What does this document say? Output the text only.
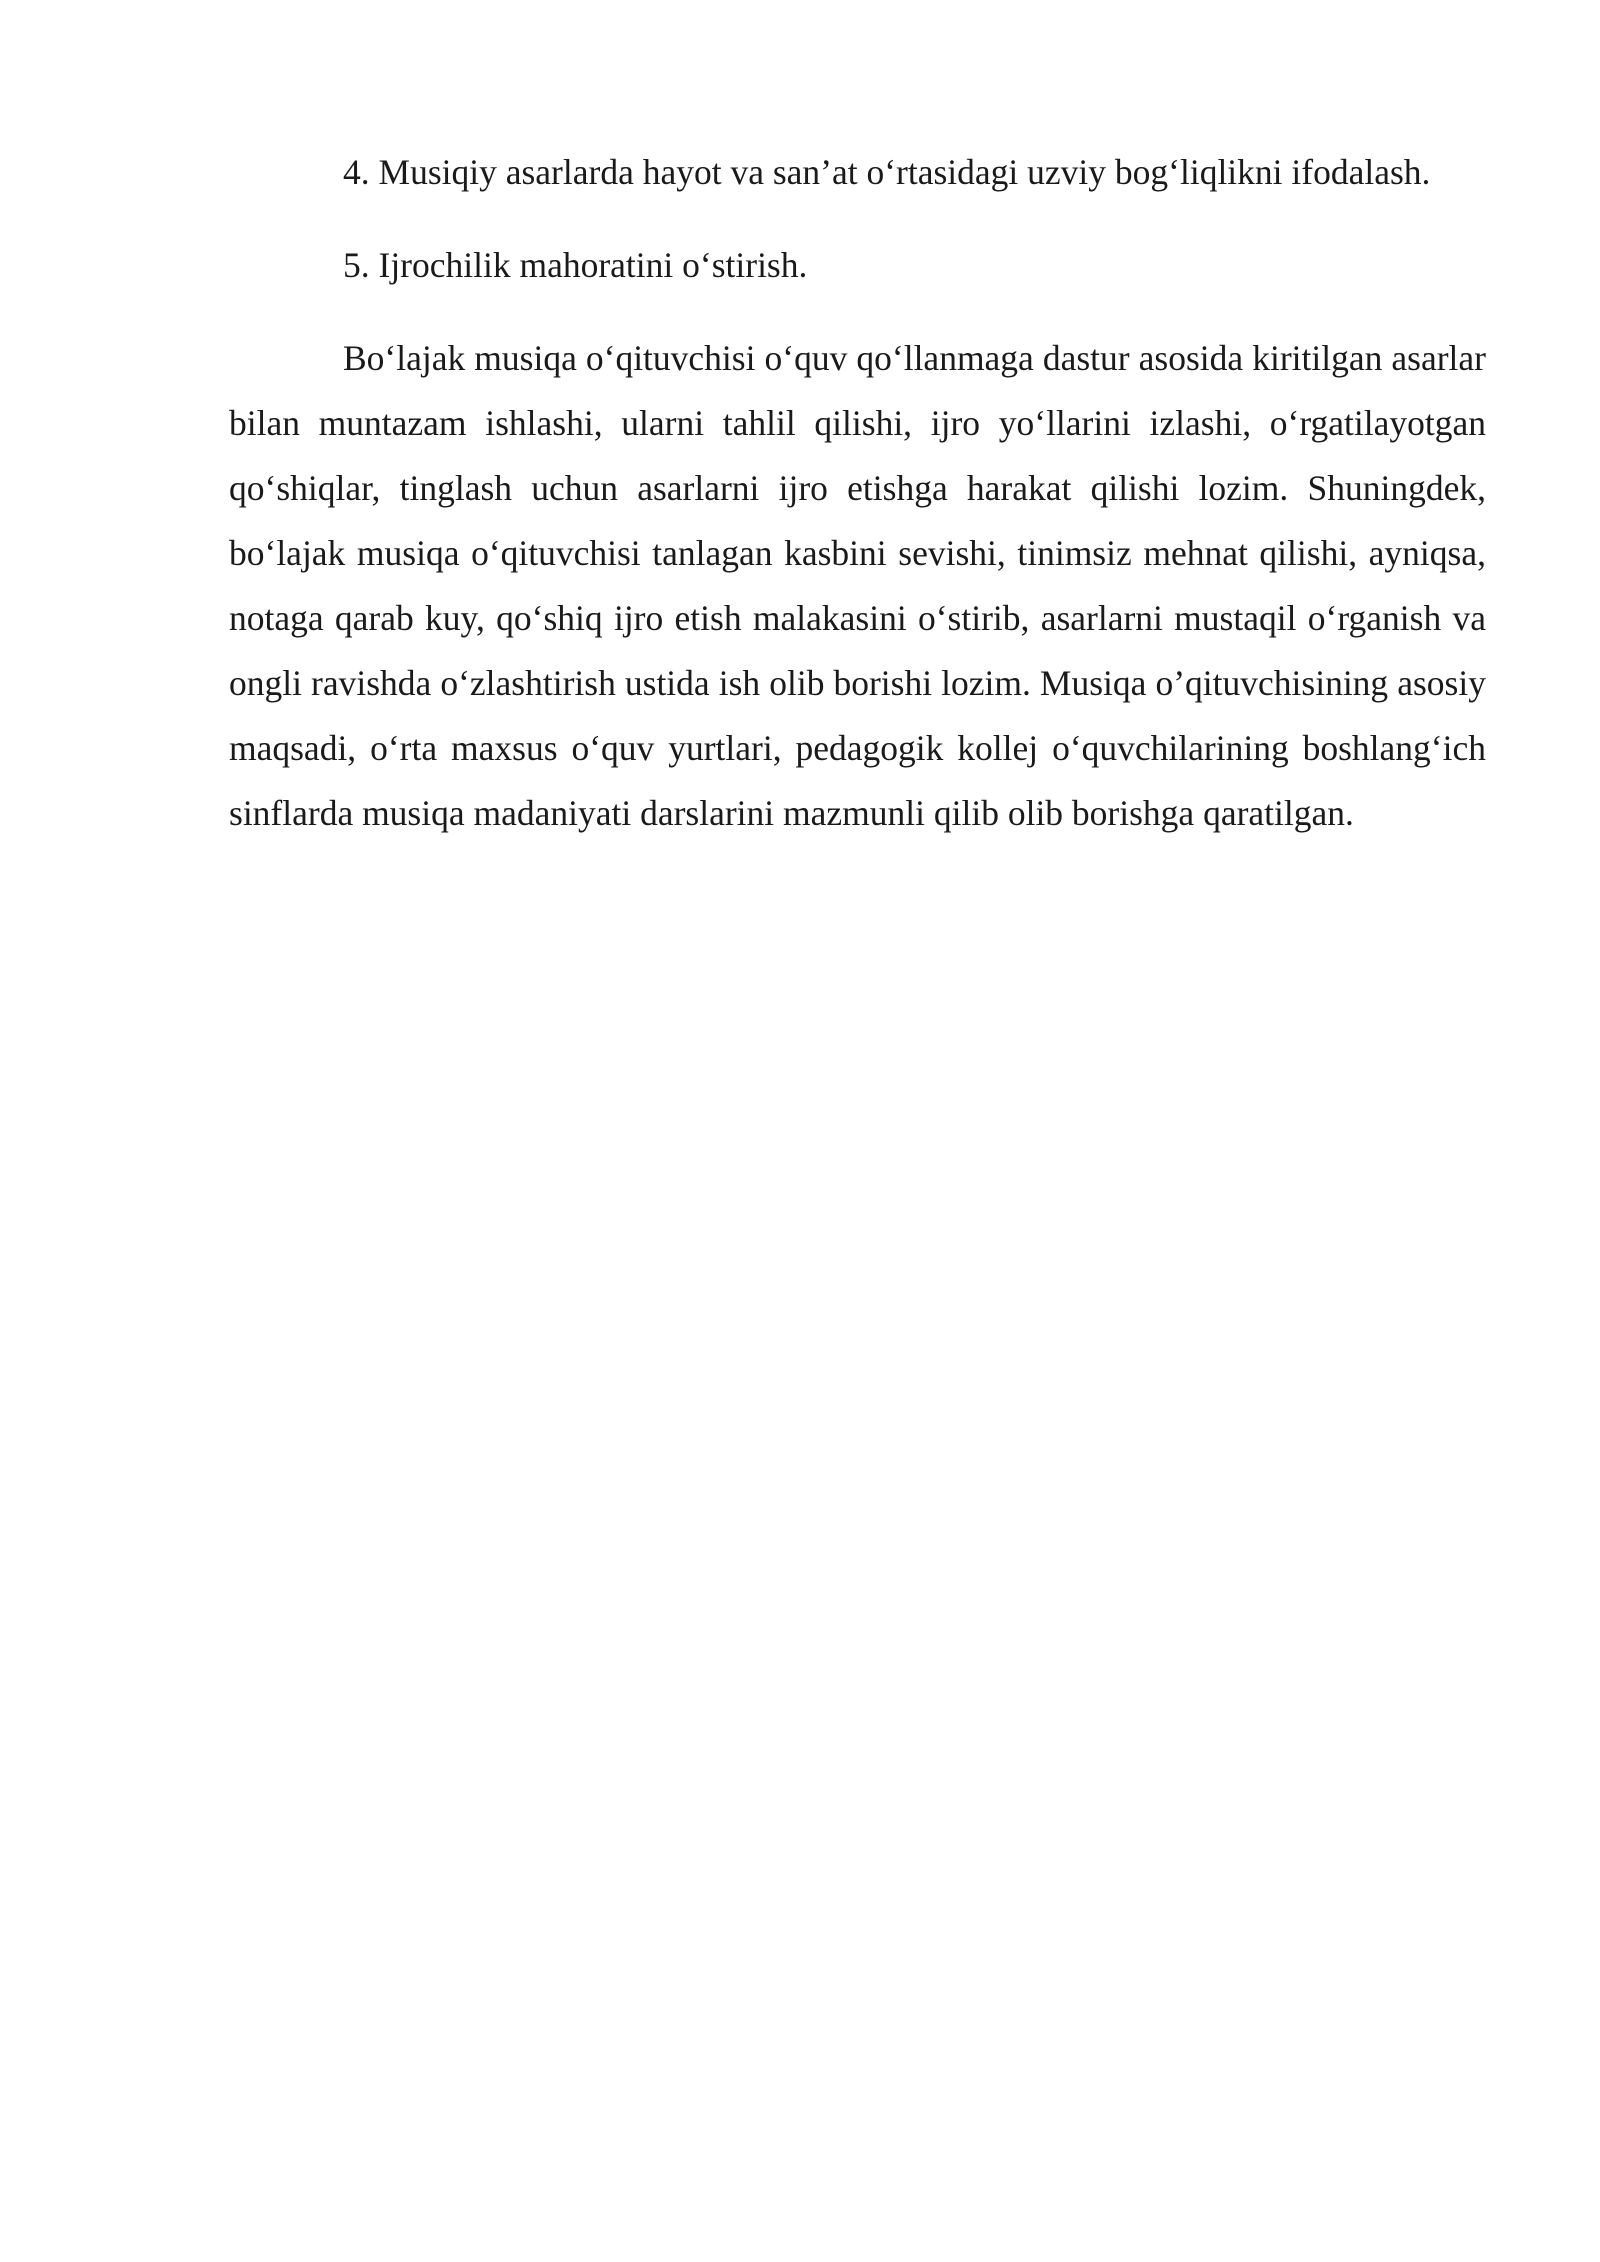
4. Musiqiy asarlarda hayot va san’at o‘rtasidagi uzviy bog‘liqlikni ifodalash.

5. Ijrochilik mahoratini o‘stirish.

Bo‘lajak musiqa o‘qituvchisi o‘quv qo‘llanmaga dastur asosida kiritilgan asarlar bilan muntazam ishlashi, ularni tahlil qilishi, ijro yo‘llarini izlashi, o‘rgatilayotgan qo‘shiqlar, tinglash uchun asarlarni ijro etishga harakat qilishi lozim. Shuningdek, bo‘lajak musiqa o‘qituvchisi tanlagan kasbini sevishi, tinimsiz mehnat qilishi, ayniqsa, notaga qarab kuy, qo‘shiq ijro etish malakasini o‘stirib, asarlarni mustaqil o‘rganish va ongli ravishda o‘zlashtirish ustida ish olib borishi lozim. Musiqa o’qituvchisining asosiy maqsadi, o‘rta maxsus o‘quv yurtlari, pedagogik kollej o‘quvchilarining boshlang‘ich sinflarda musiqa madaniyati darslarini mazmunli qilib olib borishga qaratilgan.
